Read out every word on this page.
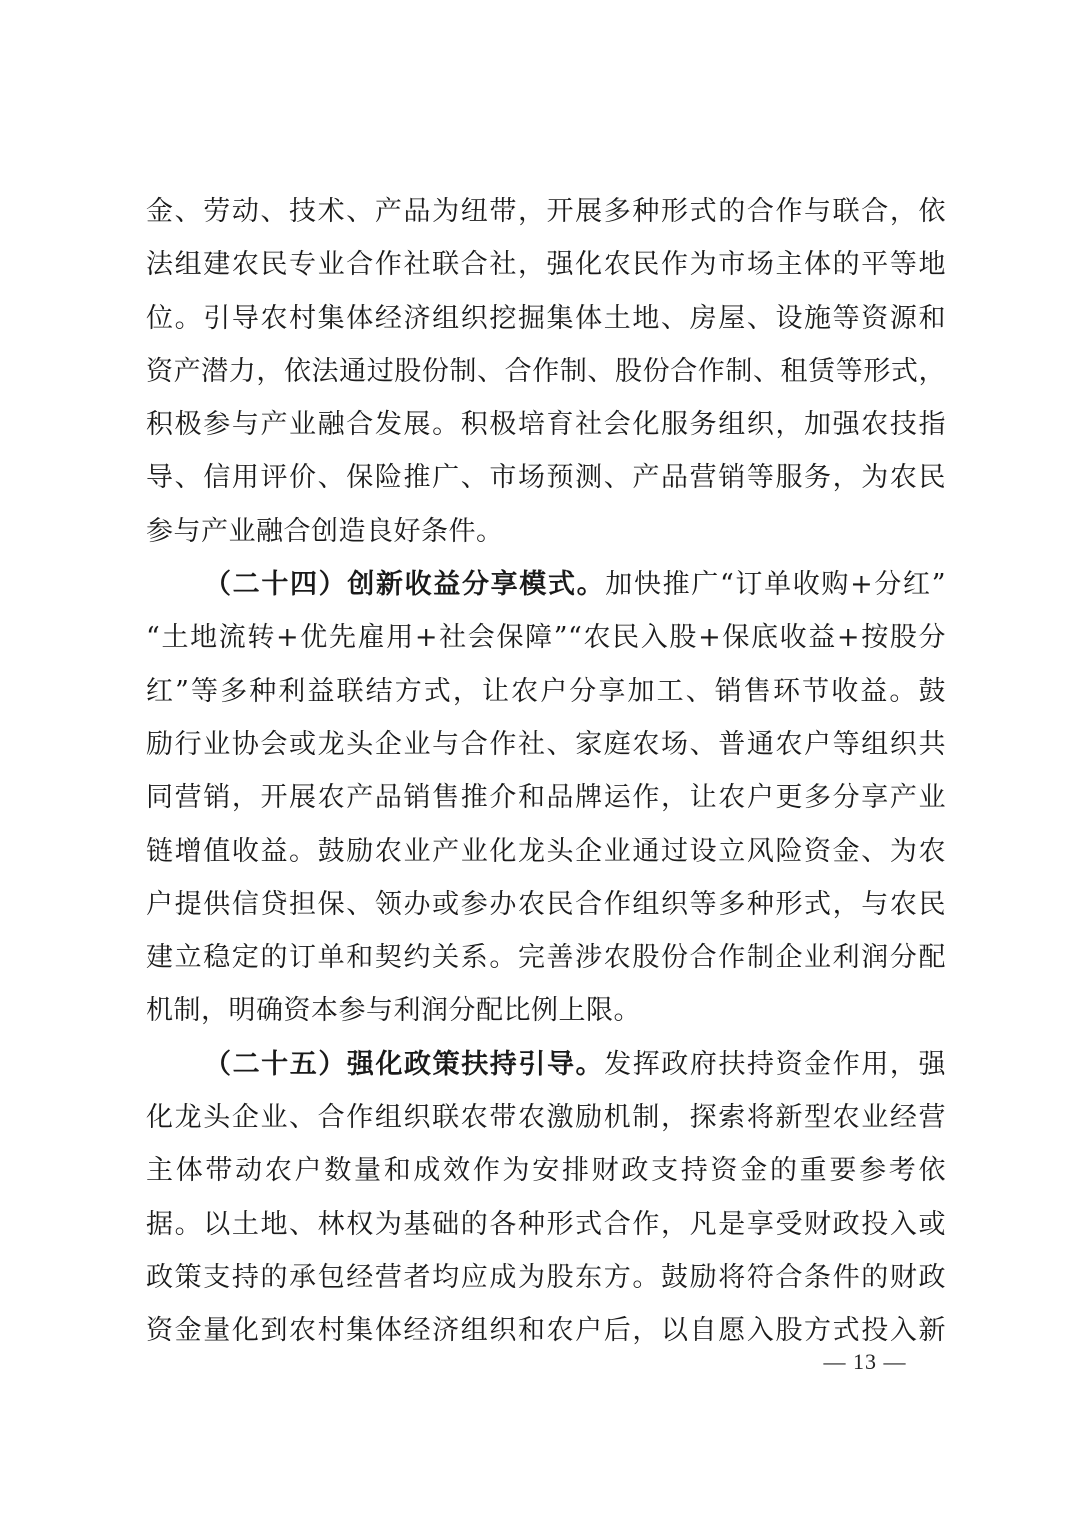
金、劳动、技术、产品为纽带，开展多种形式的合作与联合，依
法组建农民专业合作社联合社，强化农民作为市场主体的平等地
位。引导农村集体经济组织挖掘集体土地、房屋、设施等资源和
资产潜力，依法通过股份制、合作制、股份合作制、租赁等形式，
积极参与产业融合发展。积极培育社会化服务组织，加强农技指
导、信用评价、保险推广、市场预测、产品营销等服务，为农民
参与产业融合创造良好条件。
（二十四）创新收益分享模式。加快推广“订单收购+分红”
“土地流转+优先雇用+社会保障”“农民入股+保底收益+按股分
红”等多种利益联结方式，让农户分享加工、销售环节收益。鼓
励行业协会或龙头企业与合作社、家庭农场、普通农户等组织共
同营销，开展农产品销售推介和品牌运作，让农户更多分享产业
链增值收益。鼓励农业产业化龙头企业通过设立风险资金、为农
户提供信贷担保、领办或参办农民合作组织等多种形式，与农民
建立稳定的订单和契约关系。完善涉农股份合作制企业利润分配
机制，明确资本参与利润分配比例上限。
（二十五）强化政策扶持引导。发挥政府扶持资金作用，强
化龙头企业、合作组织联农带农激励机制，探索将新型农业经营
主体带动农户数量和成效作为安排财政支持资金的重要参考依
据。以土地、林权为基础的各种形式合作，凡是享受财政投入或
政策支持的承包经营者均应成为股东方。鼓励将符合条件的财政
资金量化到农村集体经济组织和农户后，以自愿入股方式投入新
— 13 —
